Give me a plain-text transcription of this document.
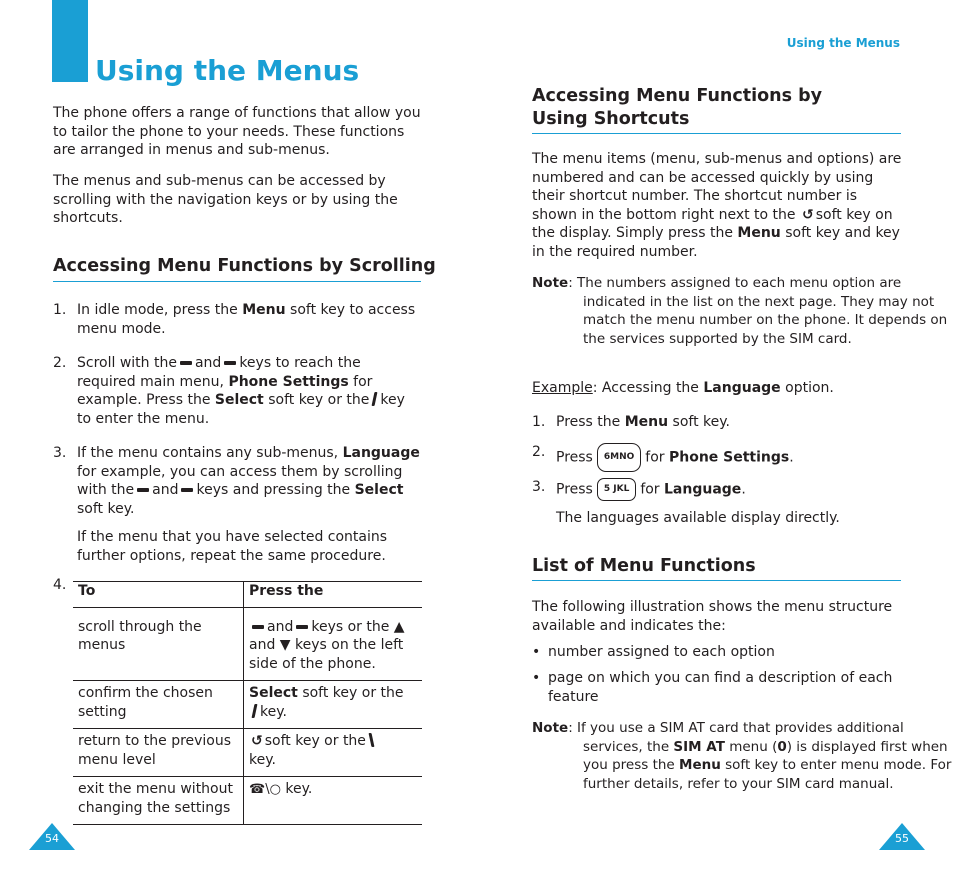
Using the Menus

The phone offers a range of functions that allow you to tailor the phone to your needs. These functions are arranged in menus and sub-menus.

The menus and sub-menus can be accessed by scrolling with the navigation keys or by using the shortcuts.

Accessing Menu Functions by Scrolling
1. In idle mode, press the Menu soft key to access menu mode.
2. Scroll with the and keys to reach the required main menu, Phone Settings for example. Press the Select soft key or the key to enter the menu.
3. If the menu contains any sub-menus, Language for example, you can access them by scrolling with the and keys and pressing the Select soft key.

If the menu that you have selected contains further options, repeat the same procedure.

4. To	Press the
scroll through the menus	and keys or the ▲ and ▼ keys on the left side of the phone.
confirm the chosen setting	Select soft key or the
key.
return to the previous menu level	↺ soft key or the
key.
exit the menu without changing the settings	☎\○ key.
54
Using the Menus
Accessing Menu Functions by Using Shortcuts

The menu items (menu, sub-menus and options) are numbered and can be accessed quickly by using their shortcut number. The shortcut number is shown in the bottom right next to the ↺ soft key on the display. Simply press the Menu soft key and key in the required number.

Note: The numbers assigned to each menu option are indicated in the list on the next page. They may not match the menu number on the phone. It depends on the services supported by the SIM card.

Example: Accessing the Language option.

1. Press the Menu soft key.
2. Press 6MNO for Phone Settings.
3. Press 5 JKL for Language.

The languages available display directly.

List of Menu Functions

The following illustration shows the menu structure available and indicates the:

• number assigned to each option
• page on which you can find a description of each feature

Note: If you use a SIM AT card that provides additional services, the SIM AT menu (0) is displayed first when you press the Menu soft key to enter menu mode. For further details, refer to your SIM card manual.

55
